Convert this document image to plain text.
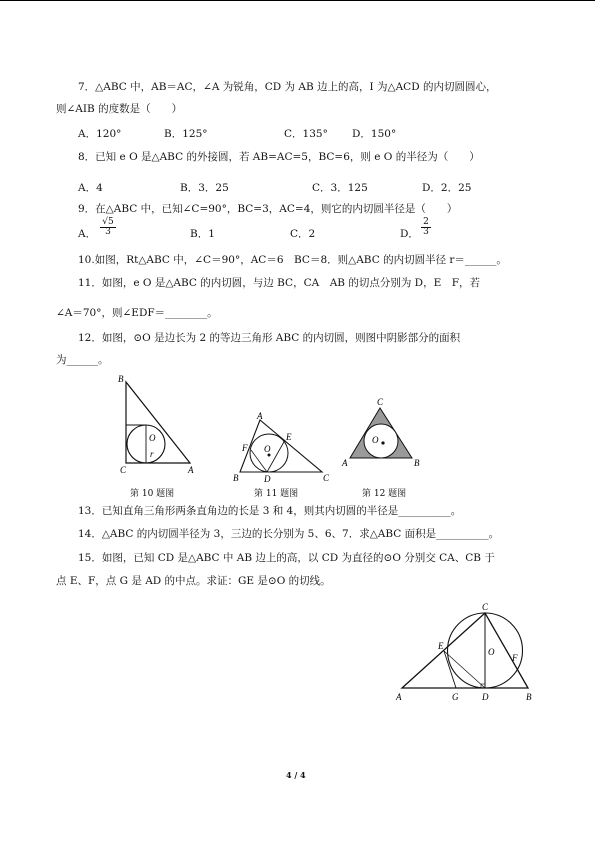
7．△ABC 中，AB＝AC，∠A 为锐角，CD 为 AB 边上的高，I 为△ACD 的内切圆圆心，
则∠AIB 的度数是（　　）
A．120°	B．125°	C．135° D．150°
8．已知 e O 是△ABC 的外接圆，若 AB=AC=5，BC=6，则 e O 的半径为（　　）
A．4	B．3．25	C．3．125	D．2．25
9．在△ABC 中，已知∠C=90°，BC=3，AC=4，则它的内切圆半径是（　　）
A． $\frac{√5}{3}$	B．1	C．2	D． $\frac{2}{3}$
10.如图，Rt△ABC 中，∠C＝90°，AC＝6　BC＝8．则△ABC 的内切圆半径 r＝______。
11．如图，e O 是△ABC 的内切圆，与边 BC，CA　AB 的切点分别为 D，E　F，若
∠A＝70°，则∠EDF＝________。
12．如图，⊙O 是边长为 2 的等边三角形 ABC 的内切圆，则图中阴影部分的面积
为______。
B
O
r
C	A
第 10 题图
A
F
E
O
B	D	C
第 11 题图
C
O
A	B
第 12 题图
13．已知直角三角形两条直角边的长是 3 和 4，则其内切圆的半径是__________。
14．△ABC 的内切圆半径为 3，三边的长分别为 5、6、7．求△ABC 面积是__________。
15．如图，已知 CD 是△ABC 中 AB 边上的高，以 CD 为直径的⊙O 分别交 CA、CB 于
点 E、F，点 G 是 AD 的中点。求证：GE 是⊙O 的切线。
C
E
O
F
A	G	D	B
4 / 4
